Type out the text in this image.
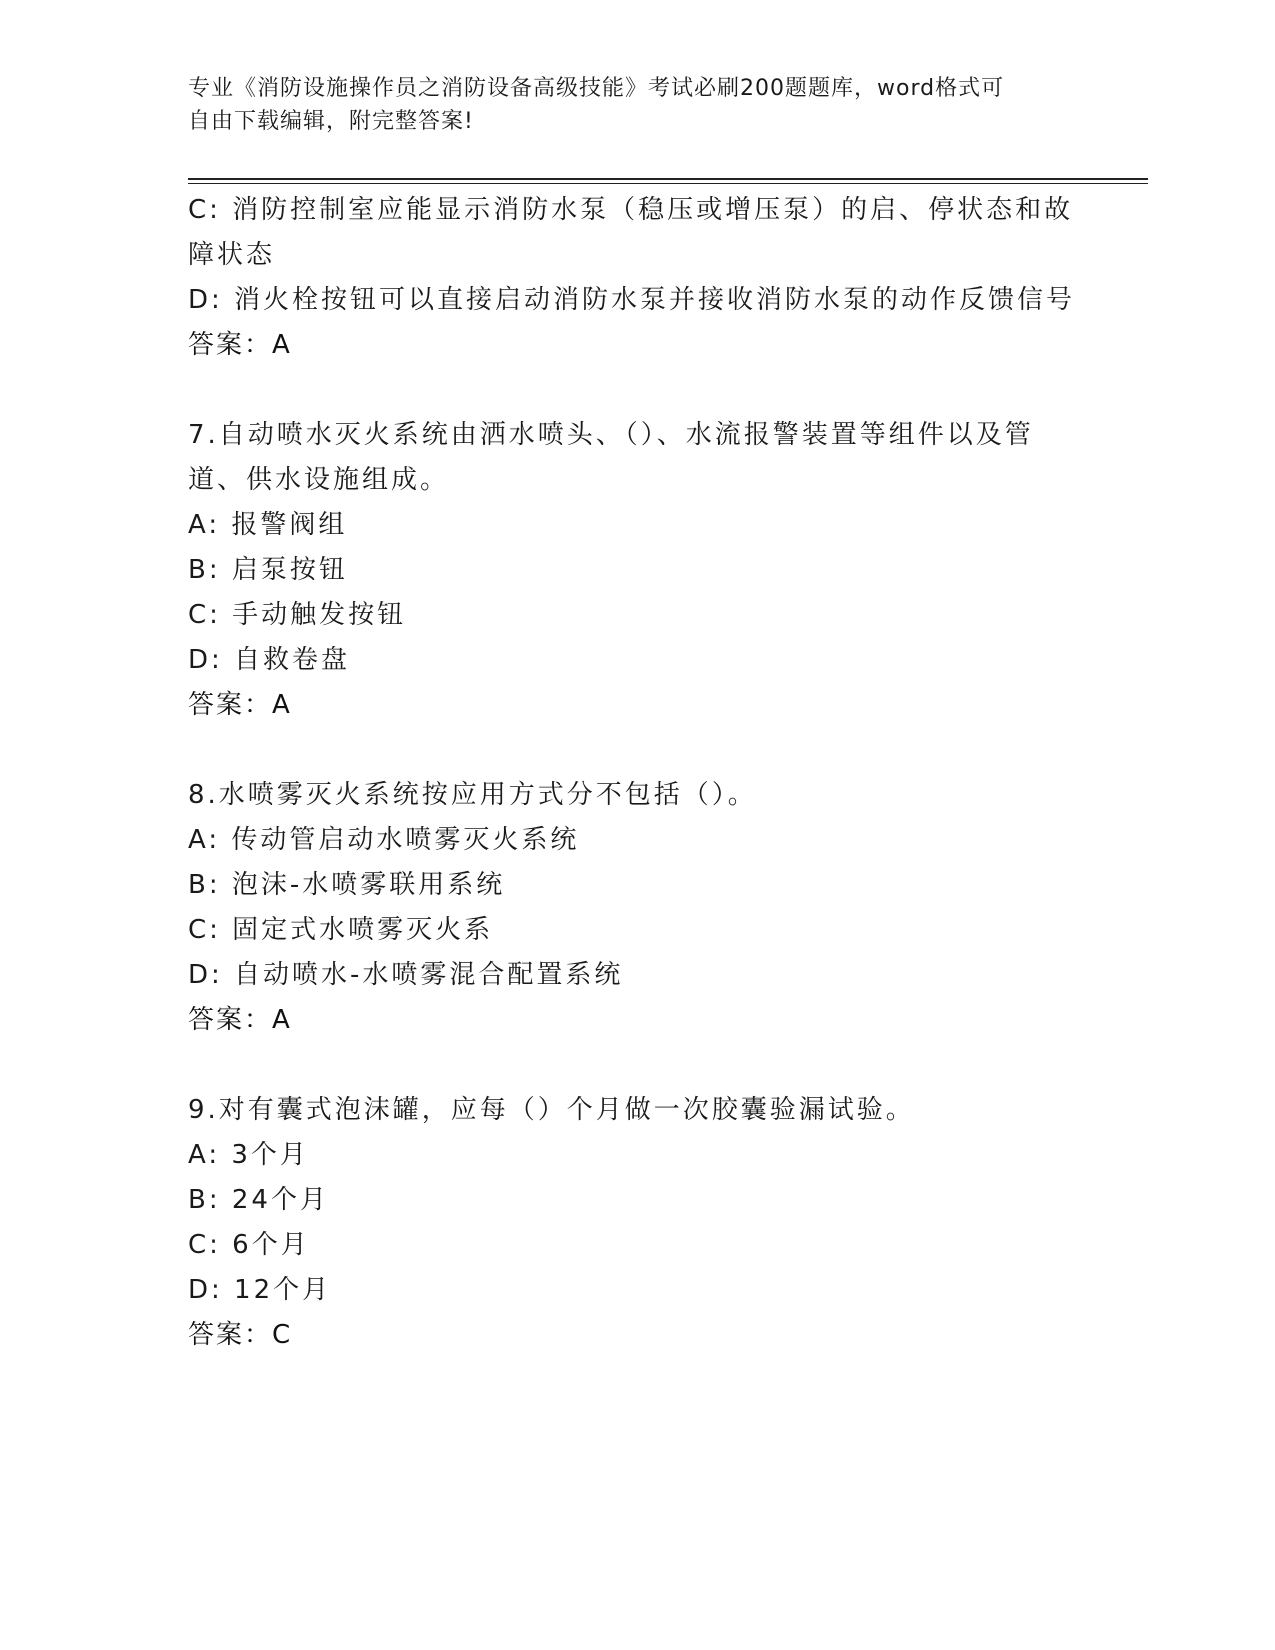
专业《消防设施操作员之消防设备高级技能》考试必刷200题题库，word格式可
自由下载编辑，附完整答案!
C: 消防控制室应能显示消防水泵（稳压或增压泵）的启、停状态和故障状态
D: 消火栓按钮可以直接启动消防水泵并接收消防水泵的动作反馈信号
答案：A
7.自动喷水灭火系统由洒水喷头、（）、水流报警装置等组件以及管道、供水设施组成。
A: 报警阀组
B: 启泵按钮
C: 手动触发按钮
D: 自救卷盘
答案：A
8.水喷雾灭火系统按应用方式分不包括（）。
A: 传动管启动水喷雾灭火系统
B: 泡沫-水喷雾联用系统
C: 固定式水喷雾灭火系
D: 自动喷水-水喷雾混合配置系统
答案：A
9.对有囊式泡沫罐，应每（）个月做一次胶囊验漏试验。
A: 3个月
B: 24个月
C: 6个月
D: 12个月
答案：C
